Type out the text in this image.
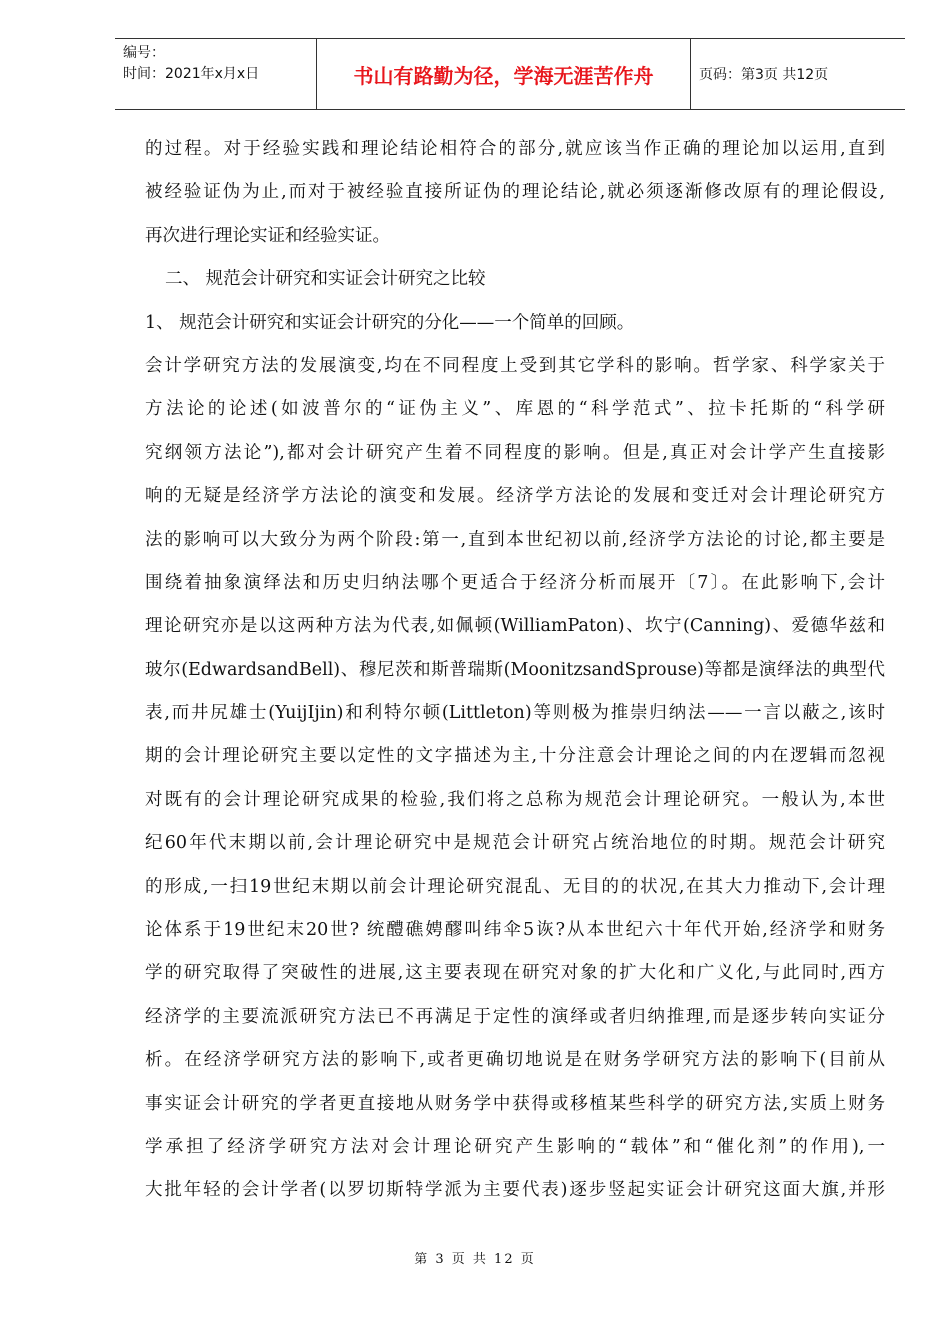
编号：
时间：2021年x月x日	书山有路勤为径，学海无涯苦作舟	页码：第3页 共12页
的过程。对于经验实践和理论结论相符合的部分,就应该当作正确的理论加以运用,直到
被经验证伪为止,而对于被经验直接所证伪的理论结论,就必须逐渐修改原有的理论假设,
再次进行理论实证和经验实证。
二、 规范会计研究和实证会计研究之比较
1、 规范会计研究和实证会计研究的分化——一个简单的回顾。
会计学研究方法的发展演变,均在不同程度上受到其它学科的影响。哲学家、科学家关于
方法论的论述(如波普尔的“证伪主义”、库恩的“科学范式”、拉卡托斯的“科学研
究纲领方法论”),都对会计研究产生着不同程度的影响。但是,真正对会计学产生直接影
响的无疑是经济学方法论的演变和发展。经济学方法论的发展和变迁对会计理论研究方
法的影响可以大致分为两个阶段:第一,直到本世纪初以前,经济学方法论的讨论,都主要是
围绕着抽象演绎法和历史归纳法哪个更适合于经济分析而展开〔7〕。在此影响下,会计
理论研究亦是以这两种方法为代表,如佩顿(WilliamPaton)、坎宁(Canning)、爱德华兹和
玻尔(EdwardsandBell)、穆尼茨和斯普瑞斯(MoonitzsandSprouse)等都是演绎法的典型代
表,而井尻雄士(YuijIjin)和利特尔顿(Littleton)等则极为推崇归纳法——一言以蔽之,该时
期的会计理论研究主要以定性的文字描述为主,十分注意会计理论之间的内在逻辑而忽视
对既有的会计理论研究成果的检验,我们将之总称为规范会计理论研究。一般认为,本世
纪60年代末期以前,会计理论研究中是规范会计研究占统治地位的时期。规范会计研究
的形成,一扫19世纪末期以前会计理论研究混乱、无目的的状况,在其大力推动下,会计理
论体系于19世纪末20世? 统醴礁娉醪叫纬伞5诙?从本世纪六十年代开始,经济学和财务
学的研究取得了突破性的进展,这主要表现在研究对象的扩大化和广义化,与此同时,西方
经济学的主要流派研究方法已不再满足于定性的演绎或者归纳推理,而是逐步转向实证分
析。在经济学研究方法的影响下,或者更确切地说是在财务学研究方法的影响下(目前从
事实证会计研究的学者更直接地从财务学中获得或移植某些科学的研究方法,实质上财务
学承担了经济学研究方法对会计理论研究产生影响的“载体”和“催化剂”的作用),一
大批年轻的会计学者(以罗切斯特学派为主要代表)逐步竖起实证会计研究这面大旗,并形
第 3 页 共 12 页
